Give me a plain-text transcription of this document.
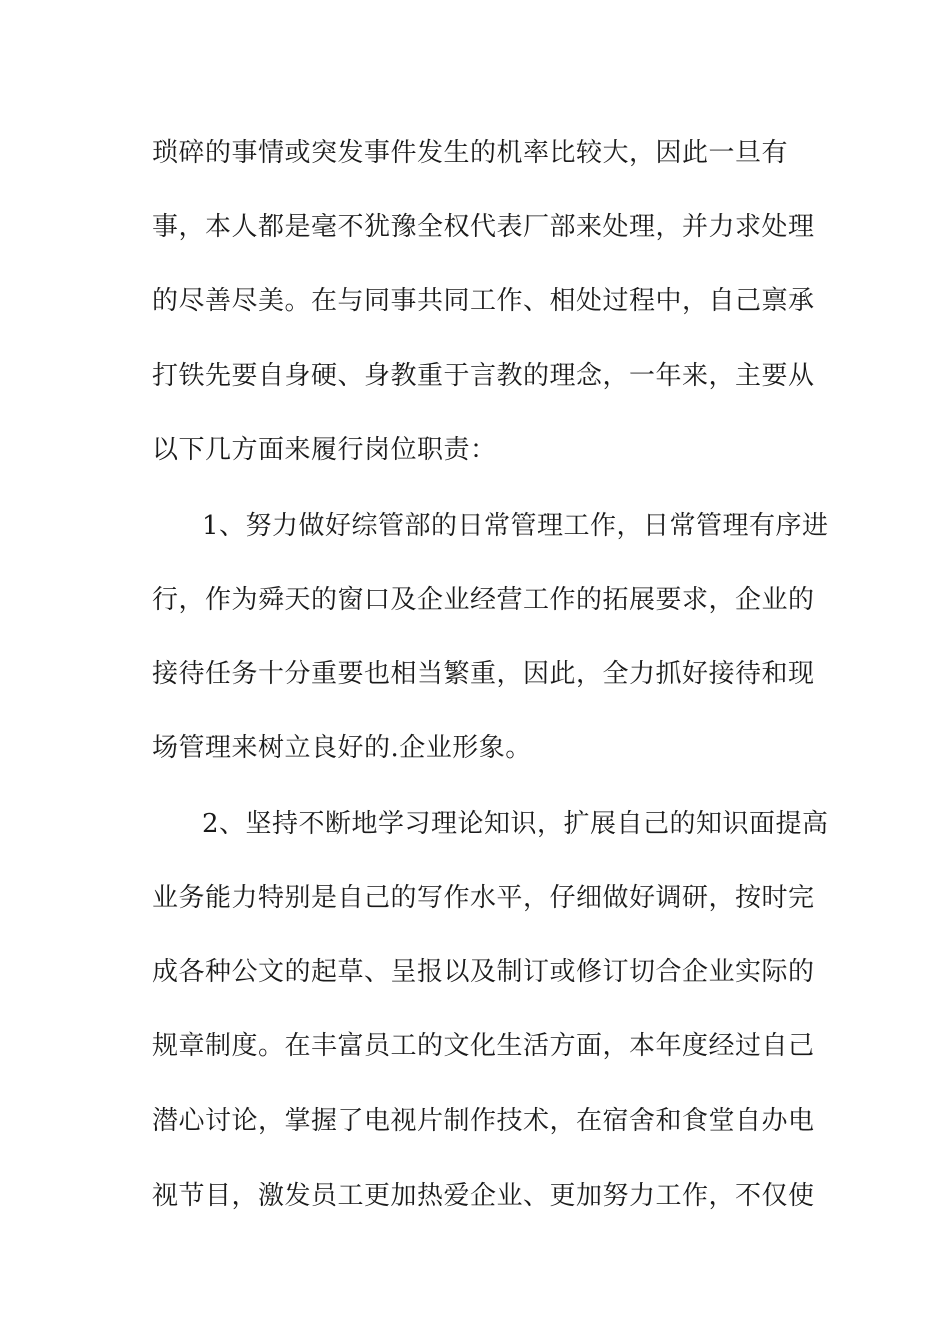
琐碎的事情或突发事件发生的机率比较大，因此一旦有
事，本人都是毫不犹豫全权代表厂部来处理，并力求处理
的尽善尽美。在与同事共同工作、相处过程中，自己禀承
打铁先要自身硬、身教重于言教的理念，一年来，主要从
以下几方面来履行岗位职责：
1、努力做好综管部的日常管理工作，日常管理有序进
行，作为舜天的窗口及企业经营工作的拓展要求，企业的
接待任务十分重要也相当繁重，因此，全力抓好接待和现
场管理来树立良好的.企业形象。
2、坚持不断地学习理论知识，扩展自己的知识面提高
业务能力特别是自己的写作水平，仔细做好调研，按时完
成各种公文的起草、呈报以及制订或修订切合企业实际的
规章制度。在丰富员工的文化生活方面，本年度经过自己
潜心讨论，掌握了电视片制作技术，在宿舍和食堂自办电
视节目，激发员工更加热爱企业、更加努力工作，不仅使
